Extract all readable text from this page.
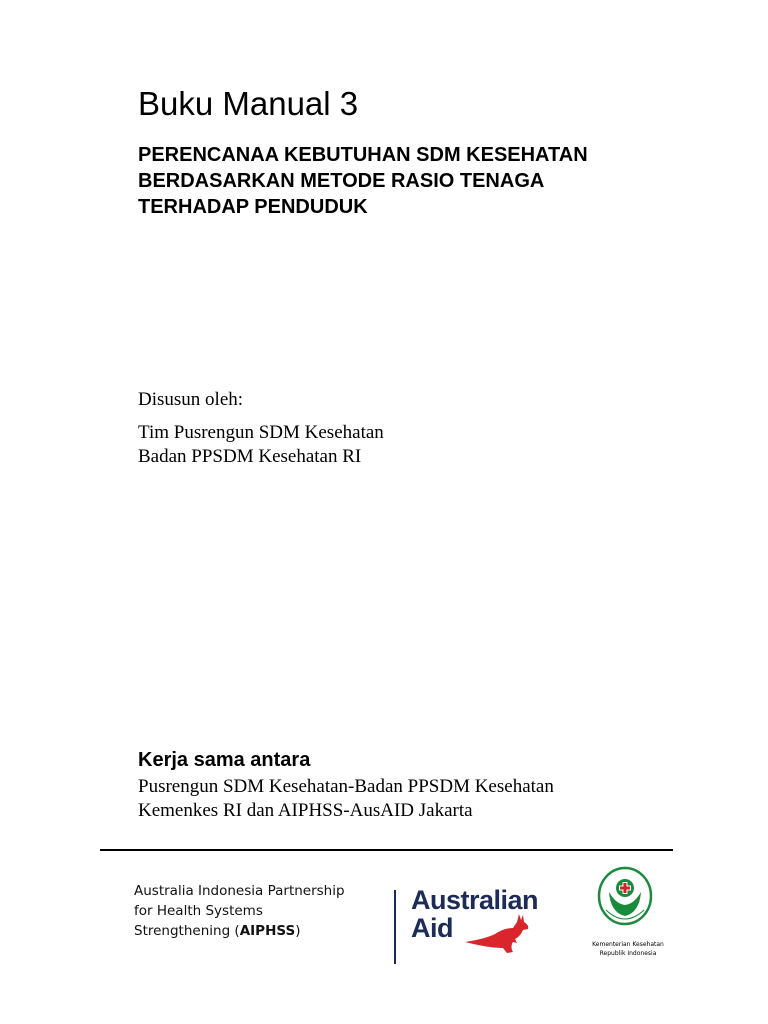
Buku Manual 3
PERENCANAA KEBUTUHAN SDM KESEHATAN
BERDASARKAN METODE RASIO TENAGA
TERHADAP PENDUDUK
Disusun oleh:
Tim Pusrengun SDM Kesehatan
Badan PPSDM Kesehatan RI
Kerja sama antara
Pusrengun SDM Kesehatan-Badan PPSDM Kesehatan
Kemenkes RI dan AIPHSS-AusAID Jakarta
Australia Indonesia Partnership
for Health Systems
Strengthening (AIPHSS)
Australian
Aid
Kementerian Kesehatan
Republik Indonesia
